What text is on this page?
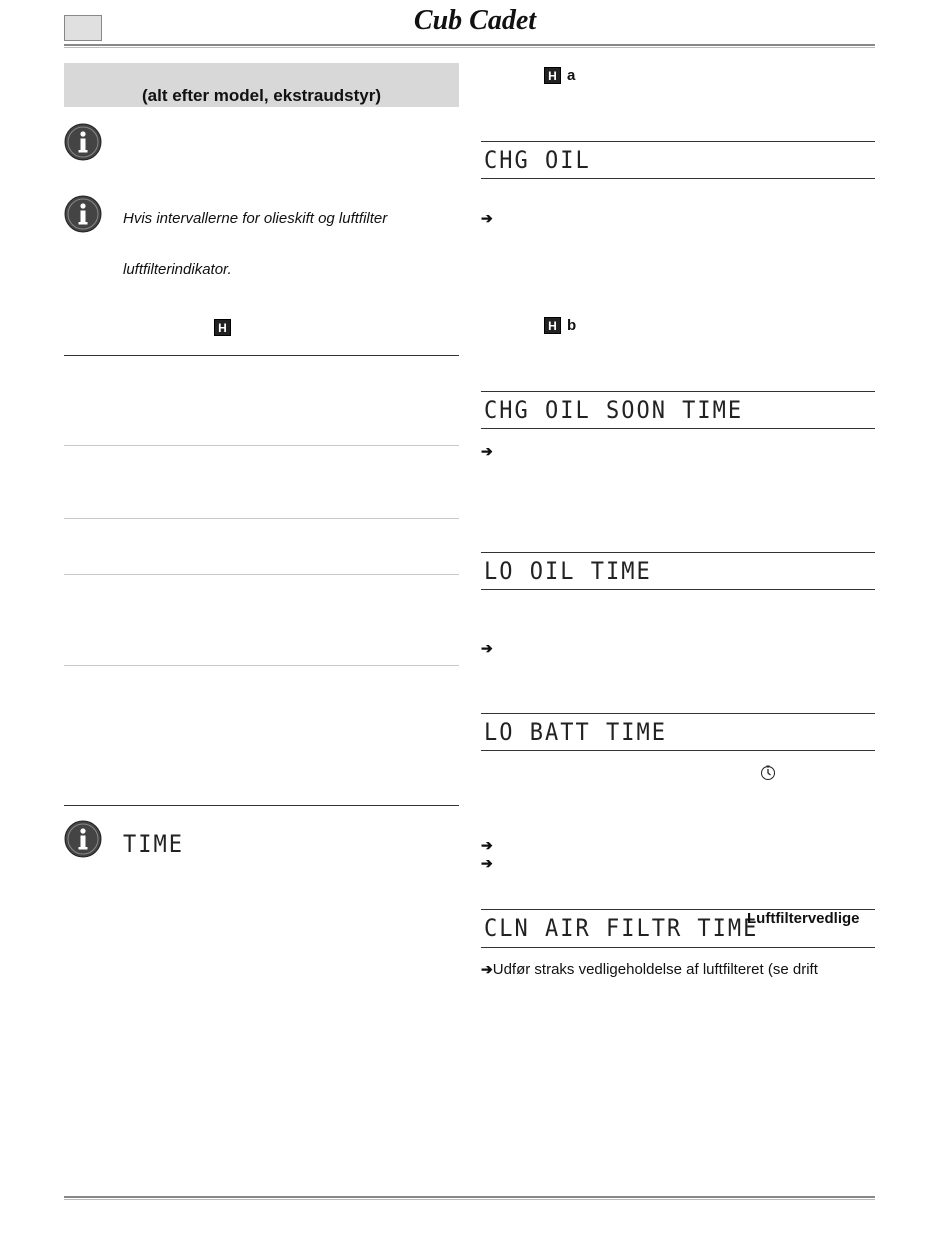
Cub Cadet
(alt efter model, ekstraudstyr)
Hvis intervallerne for olieskift og luftfilter
luftfilterindikator.
H
TIME
H a
CHG OIL
➔
H b
CHG OIL SOON TIME
➔
LO OIL TIME
➔
LO BATT TIME
➔
➔
CLN AIR FILTR TIME
Luftfiltervedlige
➔Udfør straks vedligeholdelse af luftfilteret (se drift
